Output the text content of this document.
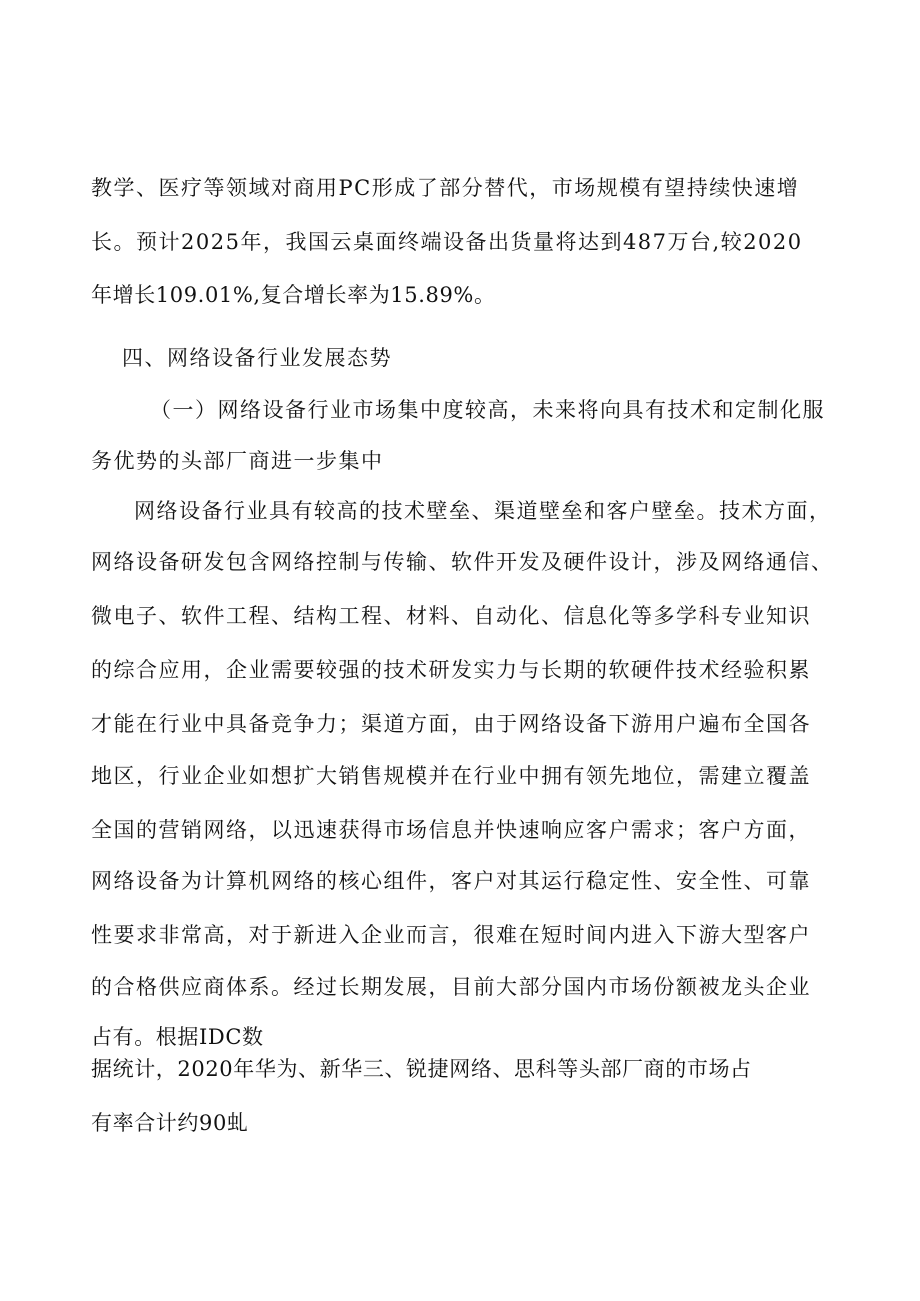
教学、医疗等领域对商用PC形成了部分替代，市场规模有望持续快速增
长。预计2025年，我国云桌面终端设备出货量将达到487万台,较2020
年增长109.01%,复合增长率为15.89%。
四、网络设备行业发展态势
（一）网络设备行业市场集中度较高，未来将向具有技术和定制化服
务优势的头部厂商进一步集中
网络设备行业具有较高的技术壁垒、渠道壁垒和客户壁垒。技术方面，
网络设备研发包含网络控制与传输、软件开发及硬件设计，涉及网络通信、
微电子、软件工程、结构工程、材料、自动化、信息化等多学科专业知识
的综合应用，企业需要较强的技术研发实力与长期的软硬件技术经验积累
才能在行业中具备竞争力；渠道方面，由于网络设备下游用户遍布全国各
地区，行业企业如想扩大销售规模并在行业中拥有领先地位，需建立覆盖
全国的营销网络，以迅速获得市场信息并快速响应客户需求；客户方面，
网络设备为计算机网络的核心组件，客户对其运行稳定性、安全性、可靠
性要求非常高，对于新进入企业而言，很难在短时间内进入下游大型客户
的合格供应商体系。经过长期发展，目前大部分国内市场份额被龙头企业
占有。根据IDC数
据统计，2020年华为、新华三、锐捷网络、思科等头部厂商的市场占
有率合计约90虬
